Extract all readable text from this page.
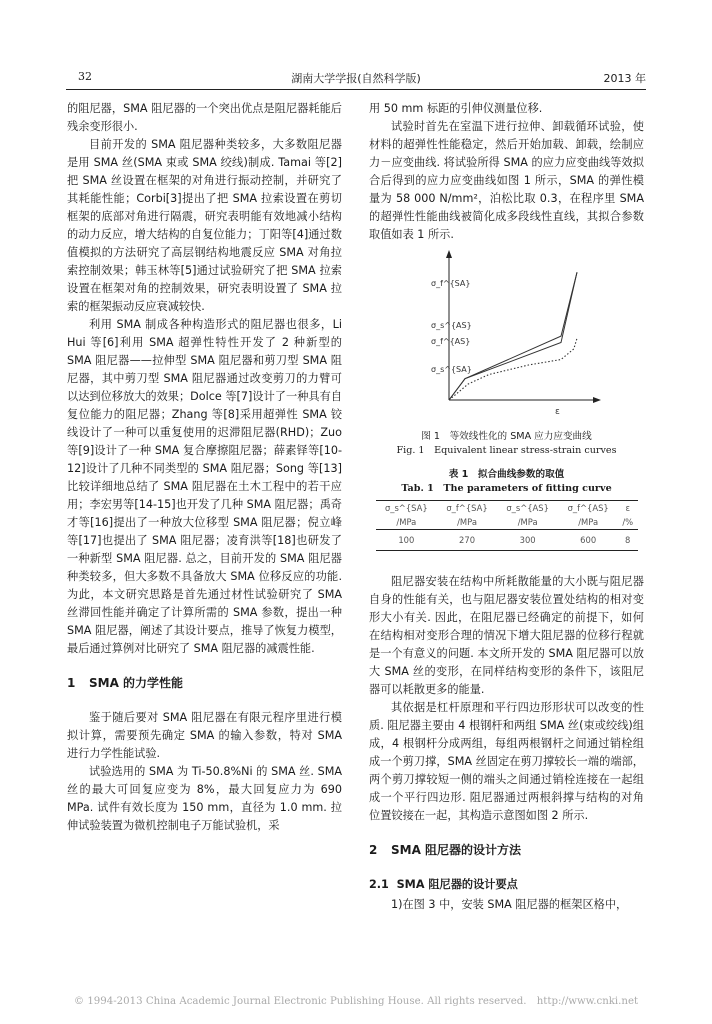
32	湖南大学学报(自然科学版)	2013 年

的阻尼器，SMA 阻尼器的一个突出优点是阻尼器耗能后残余变形很小.

目前开发的 SMA 阻尼器种类较多，大多数阻尼器是用 SMA 丝(SMA 束或 SMA 绞线)制成. Tamai 等[2]把 SMA 丝设置在框架的对角进行振动控制，并研究了其耗能性能；Corbi[3]提出了把 SMA 拉索设置在剪切框架的底部对角进行隔震，研究表明能有效地减小结构的动力反应，增大结构的自复位能力；丁阳等[4]通过数值模拟的方法研究了高层钢结构地震反应 SMA 对角拉索控制效果；韩玉林等[5]通过试验研究了把 SMA 拉索设置在框架对角的控制效果，研究表明设置了 SMA 拉索的框架振动反应衰减较快.

利用 SMA 制成各种构造形式的阻尼器也很多，Li Hui 等[6]利用 SMA 超弹性特性开发了 2 种新型的 SMA 阻尼器——拉伸型 SMA 阻尼器和剪刀型 SMA 阻尼器，其中剪刀型 SMA 阻尼器通过改变剪刀的力臂可以达到位移放大的效果；Dolce 等[7]设计了一种具有自复位能力的阻尼器；Zhang 等[8]采用超弹性 SMA 铰线设计了一种可以重复使用的迟滞阻尼器(RHD)；Zuo 等[9]设计了一种 SMA 复合摩擦阻尼器；薛素铎等[10-12]设计了几种不同类型的 SMA 阻尼器；Song 等[13]比较详细地总结了 SMA 阻尼器在土木工程中的若干应用；李宏男等[14-15]也开发了几种 SMA 阻尼器；禹奇才等[16]提出了一种放大位移型 SMA 阻尼器；倪立峰等[17]也提出了 SMA 阻尼器；凌育洪等[18]也研发了一种新型 SMA 阻尼器. 总之，目前开发的 SMA 阻尼器种类较多，但大多数不具备放大 SMA 位移反应的功能. 为此，本文研究思路是首先通过材性试验研究了 SMA 丝滞回性能并确定了计算所需的 SMA 参数，提出一种 SMA 阻尼器，阐述了其设计要点，推导了恢复力模型，最后通过算例对比研究了 SMA 阻尼器的减震性能.

1 SMA 的力学性能

鉴于随后要对 SMA 阻尼器在有限元程序里进行模拟计算，需要预先确定 SMA 的输入参数，特对 SMA 进行力学性能试验.

试验选用的 SMA 为 Ti-50.8%Ni 的 SMA 丝. SMA 丝的最大可回复应变为 8%，最大回复应力为 690 MPa. 试件有效长度为 150 mm，直径为 1.0 mm. 拉伸试验装置为微机控制电子万能试验机，采

用 50 mm 标距的引伸仪测量位移.

试验时首先在室温下进行拉伸、卸载循环试验，使材料的超弹性性能稳定，然后开始加载、卸载，绘制应力－应变曲线. 将试验所得 SMA 的应力应变曲线等效拟合后得到的应力应变曲线如图 1 所示，SMA 的弹性模量为 58 000 N/mm²，泊松比取 0.3，在程序里 SMA 的超弹性性能曲线被简化成多段线性直线，其拟合参数取值如表 1 所示.

σ_f^{SA}
σ_s^{AS}
σ_f^{AS}
σ_s^{SA}
ε
图 1　等效线性化的 SMA 应力应变曲线
Fig. 1　Equivalent linear stress-strain curves
表 1　拟合曲线参数的取值
Tab. 1　The parameters of fitting curve
σ_s^{SA}	σ_f^{SA}	σ_s^{AS}	σ_f^{AS}	ε
/MPa	/MPa	/MPa	/MPa	/%
100	270	300	600	8

阻尼器安装在结构中所耗散能量的大小既与阻尼器自身的性能有关，也与阻尼器安装位置处结构的相对变形大小有关. 因此，在阻尼器已经确定的前提下，如何在结构相对变形合理的情况下增大阻尼器的位移行程就是一个有意义的问题. 本文所开发的 SMA 阻尼器可以放大 SMA 丝的变形，在同样结构变形的条件下，该阻尼器可以耗散更多的能量.

其依据是杠杆原理和平行四边形形状可以改变的性质. 阻尼器主要由 4 根钢杆和两组 SMA 丝(束或绞线)组成，4 根钢杆分成两组，每组两根钢杆之间通过销栓组成一个剪刀撑，SMA 丝固定在剪刀撑较长一端的端部，两个剪刀撑较短一侧的端头之间通过销栓连接在一起组成一个平行四边形. 阻尼器通过两根斜撑与结构的对角位置铰接在一起，其构造示意图如图 2 所示.

2 SMA 阻尼器的设计方法
2.1 SMA 阻尼器的设计要点

1)在图 3 中，安装 SMA 阻尼器的框架区格中，

© 1994-2013 China Academic Journal Electronic Publishing House. All rights reserved.　http://www.cnki.net
